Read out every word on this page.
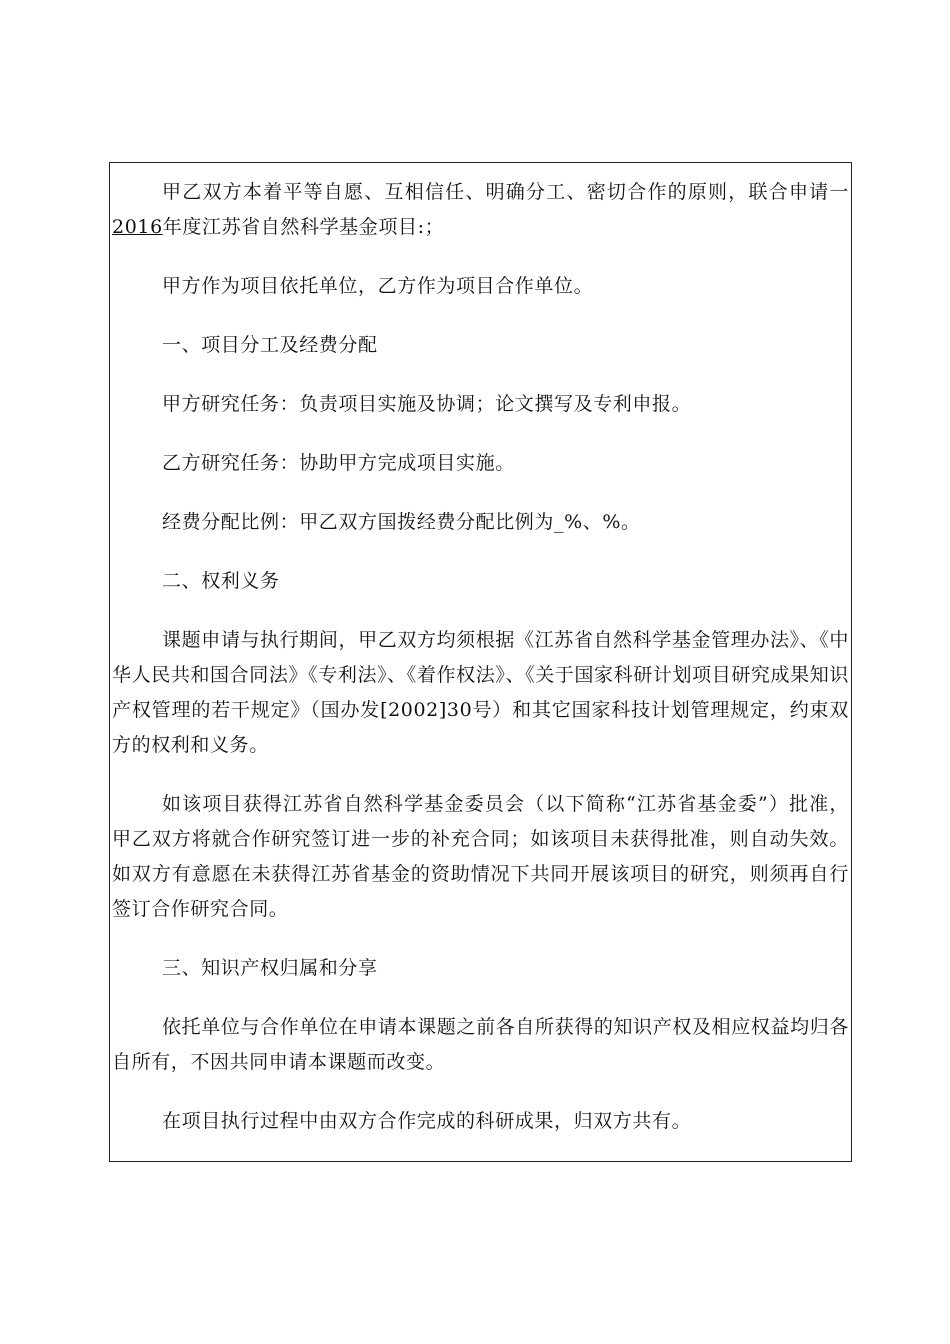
甲乙双方本着平等自愿、互相信任、明确分工、密切合作的原则，联合申请一2016年度江苏省自然科学基金项目:；

甲方作为项目依托单位，乙方作为项目合作单位。

一、项目分工及经费分配

甲方研究任务：负责项目实施及协调；论文撰写及专利申报。

乙方研究任务：协助甲方完成项目实施。

经费分配比例：甲乙双方国拨经费分配比例为_%、%。

二、权利义务

课题申请与执行期间，甲乙双方均须根据《江苏省自然科学基金管理办法》、《中华人民共和国合同法》《专利法》、《着作权法》、《关于国家科研计划项目研究成果知识产权管理的若干规定》（国办发[2002]30号）和其它国家科技计划管理规定，约束双方的权利和义务。

如该项目获得江苏省自然科学基金委员会（以下简称“江苏省基金委”）批准，甲乙双方将就合作研究签订进一步的补充合同；如该项目未获得批准，则自动失效。如双方有意愿在未获得江苏省基金的资助情况下共同开展该项目的研究，则须再自行签订合作研究合同。

三、知识产权归属和分享

依托单位与合作单位在申请本课题之前各自所获得的知识产权及相应权益均归各自所有，不因共同申请本课题而改变。

在项目执行过程中由双方合作完成的科研成果，归双方共有。
